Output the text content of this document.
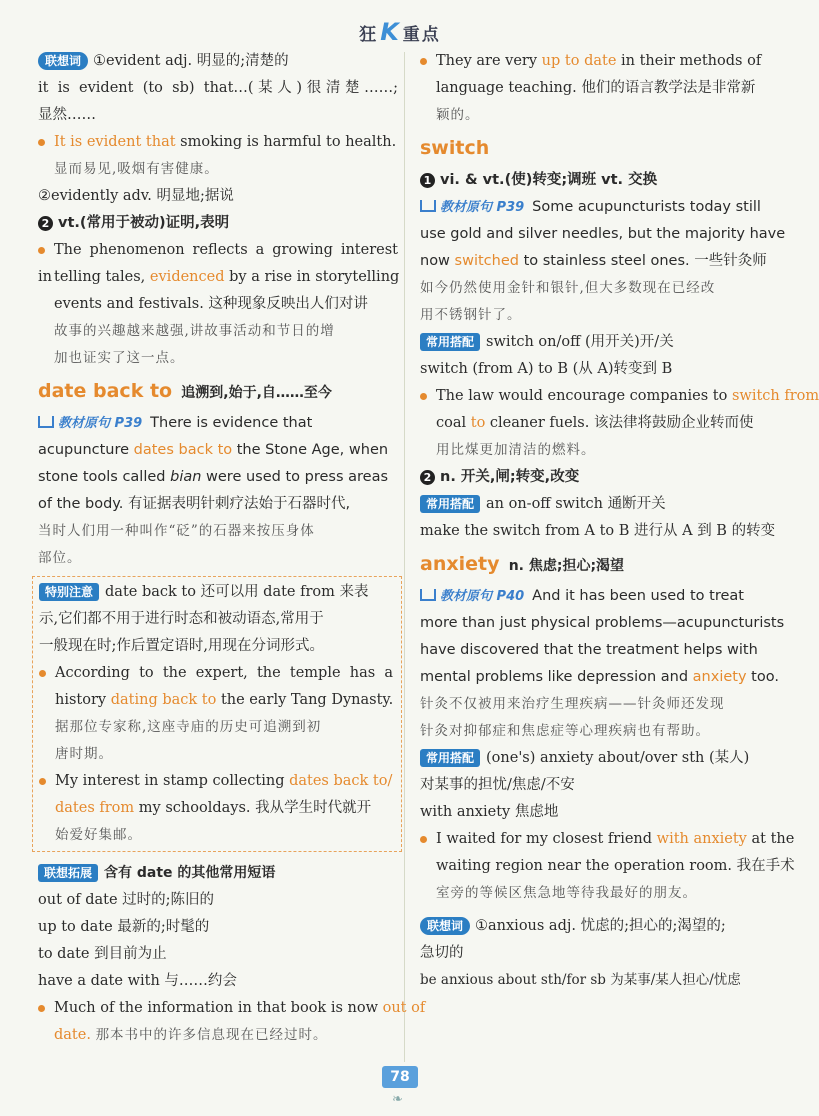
狂K 重点
联想词 ①evident adj. 明显的;清楚的
it is evident (to sb) that…(某人)很清楚……;
显然……
It is evident that smoking is harmful to health.
显而易见,吸烟有害健康。
②evidently adv. 明显地;据说
2 vt.(常用于被动)证明,表明
The phenomenon reflects a growing interest in telling tales, evidenced by a rise in storytelling
events and festivals. 这种现象反映出人们对讲
故事的兴趣越来越强,讲故事活动和节日的增
加也证实了这一点。
date back to 追溯到,始于,自……至今
教材原句 P39 There is evidence that
acupuncture dates back to the Stone Age, when
stone tools called bian were used to press areas
of the body. 有证据表明针刺疗法始于石器时代,
当时人们用一种叫作“砭”的石器来按压身体
部位。
特别注意 date back to 还可以用 date from 来表
示,它们都不用于进行时态和被动语态,常用于
一般现在时;作后置定语时,用现在分词形式。
According to the expert, the temple has a
history dating back to the early Tang Dynasty.
据那位专家称,这座寺庙的历史可追溯到初
唐时期。
My interest in stamp collecting dates back to/
dates from my schooldays. 我从学生时代就开
始爱好集邮。
联想拓展 含有 date 的其他常用短语
out of date 过时的;陈旧的
up to date 最新的;时髦的
to date 到目前为止
have a date with 与……约会
Much of the information in that book is now out of
date. 那本书中的许多信息现在已经过时。
They are very up to date in their methods of
language teaching. 他们的语言教学法是非常新
颖的。
switch
1 vi. & vt.(使)转变;调班 vt. 交换
教材原句 P39 Some acupuncturists today still
use gold and silver needles, but the majority have
now switched to stainless steel ones. 一些针灸师
如今仍然使用金针和银针,但大多数现在已经改
用不锈钢针了。
常用搭配 switch on/off (用开关)开/关
switch (from A) to B (从 A)转变到 B
The law would encourage companies to switch from
coal to cleaner fuels. 该法律将鼓励企业转而使
用比煤更加清洁的燃料。
2 n. 开关,闸;转变,改变
常用搭配 an on-off switch 通断开关
make the switch from A to B 进行从 A 到 B 的转变
anxiety n. 焦虑;担心;渴望
教材原句 P40 And it has been used to treat
more than just physical problems—acupuncturists
have discovered that the treatment helps with
mental problems like depression and anxiety too.
针灸不仅被用来治疗生理疾病——针灸师还发现
针灸对抑郁症和焦虑症等心理疾病也有帮助。
常用搭配 (one's) anxiety about/over sth (某人)
对某事的担忧/焦虑/不安
with anxiety 焦虑地
I waited for my closest friend with anxiety at the
waiting region near the operation room. 我在手术
室旁的等候区焦急地等待我最好的朋友。
联想词 ①anxious adj. 忧虑的;担心的;渴望的;
急切的
be anxious about sth/for sb 为某事/某人担心/忧虑
78
❧
